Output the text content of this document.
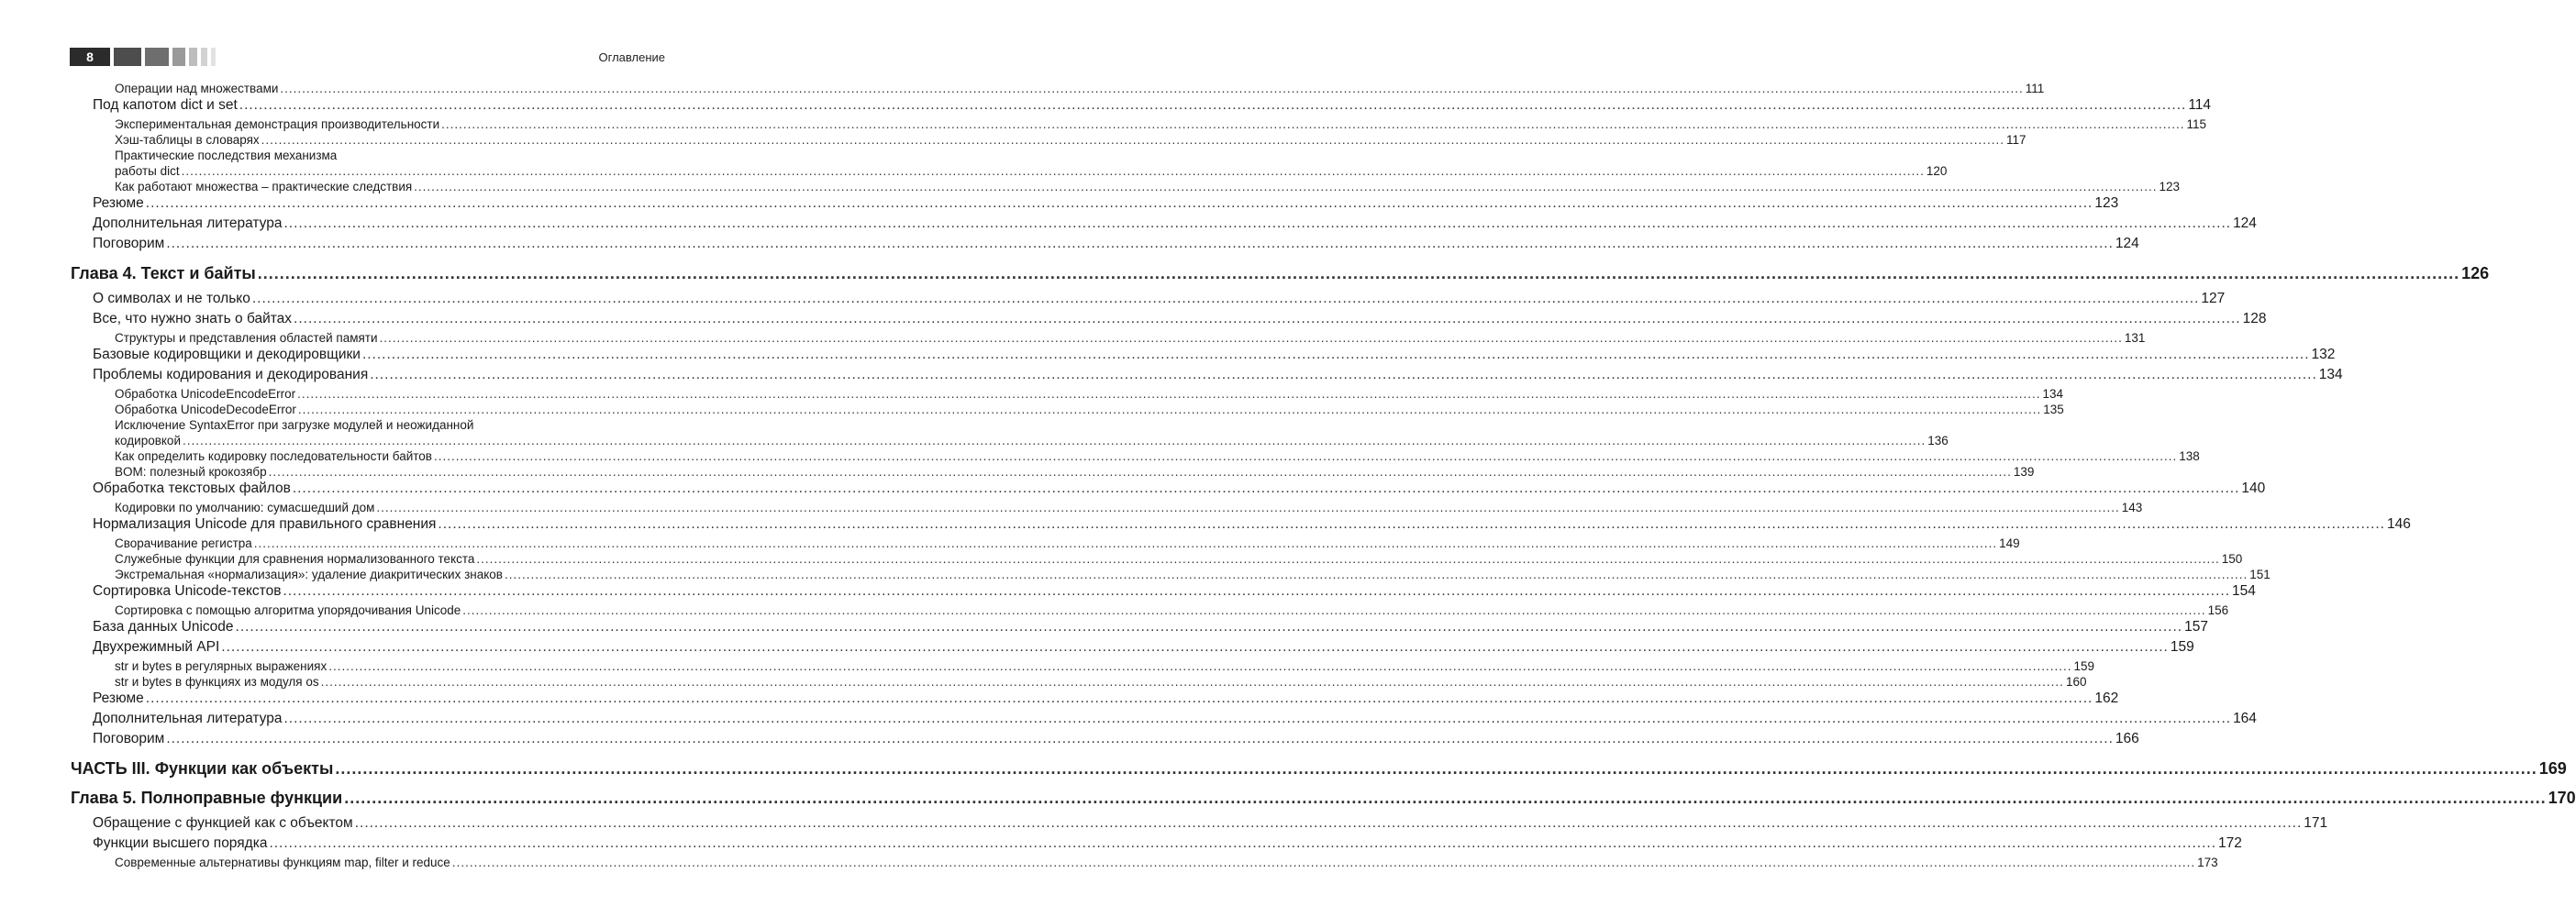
8	Оглавление
Операции над множествами ................................................................................................................................................................................................................................................................................................................................................................................................................ 111
Под капотом dict и set ................................................................................................................................................................................................................................................................................................................................................................................................................ 114
Экспериментальная демонстрация производительности ................................................................................................................................................................................................................................................................................................................................................................................................................ 115
Хэш-таблицы в словарях ................................................................................................................................................................................................................................................................................................................................................................................................................ 117
Практические последствия механизма
работы dict ................................................................................................................................................................................................................................................................................................................................................................................................................ 120
Как работают множества – практические следствия ................................................................................................................................................................................................................................................................................................................................................................................................................ 123
Резюме ................................................................................................................................................................................................................................................................................................................................................................................................................ 123
Дополнительная литература ................................................................................................................................................................................................................................................................................................................................................................................................................ 124
Поговорим ................................................................................................................................................................................................................................................................................................................................................................................................................ 124
Глава 4. Текст и байты ................................................................................................................................................................................................................................................................................................................................................................................................................ 126
О символах и не только ................................................................................................................................................................................................................................................................................................................................................................................................................ 127
Все, что нужно знать о байтах ................................................................................................................................................................................................................................................................................................................................................................................................................ 128
Структуры и представления областей памяти ................................................................................................................................................................................................................................................................................................................................................................................................................ 131
Базовые кодировщики и декодировщики ................................................................................................................................................................................................................................................................................................................................................................................................................ 132
Проблемы кодирования и декодирования ................................................................................................................................................................................................................................................................................................................................................................................................................ 134
Обработка UnicodeEncodeError ................................................................................................................................................................................................................................................................................................................................................................................................................ 134
Обработка UnicodeDecodeError ................................................................................................................................................................................................................................................................................................................................................................................................................ 135
Исключение SyntaxError при загрузке модулей и неожиданной
кодировкой ................................................................................................................................................................................................................................................................................................................................................................................................................ 136
Как определить кодировку последовательности байтов ................................................................................................................................................................................................................................................................................................................................................................................................................ 138
BOM: полезный крокозябр ................................................................................................................................................................................................................................................................................................................................................................................................................ 139
Обработка текстовых файлов ................................................................................................................................................................................................................................................................................................................................................................................................................ 140
Кодировки по умолчанию: сумасшедший дом ................................................................................................................................................................................................................................................................................................................................................................................................................ 143
Нормализация Unicode для правильного сравнения ................................................................................................................................................................................................................................................................................................................................................................................................................ 146
Сворачивание регистра ................................................................................................................................................................................................................................................................................................................................................................................................................ 149
Служебные функции для сравнения нормализованного текста ................................................................................................................................................................................................................................................................................................................................................................................................................ 150
Экстремальная «нормализация»: удаление диакритических знаков ................................................................................................................................................................................................................................................................................................................................................................................................................ 151
Сортировка Unicode-текстов ................................................................................................................................................................................................................................................................................................................................................................................................................ 154
Сортировка с помощью алгоритма упорядочивания Unicode ................................................................................................................................................................................................................................................................................................................................................................................................................ 156
База данных Unicode ................................................................................................................................................................................................................................................................................................................................................................................................................ 157
Двухрежимный API ................................................................................................................................................................................................................................................................................................................................................................................................................ 159
str и bytes в регулярных выражениях ................................................................................................................................................................................................................................................................................................................................................................................................................ 159
str и bytes в функциях из модуля os ................................................................................................................................................................................................................................................................................................................................................................................................................ 160
Резюме ................................................................................................................................................................................................................................................................................................................................................................................................................ 162
Дополнительная литература ................................................................................................................................................................................................................................................................................................................................................................................................................ 164
Поговорим ................................................................................................................................................................................................................................................................................................................................................................................................................ 166
ЧАСТЬ III. Функции как объекты ................................................................................................................................................................................................................................................................................................................................................................................................................ 169
Глава 5. Полноправные функции ................................................................................................................................................................................................................................................................................................................................................................................................................ 170
Обращение с функцией как с объектом ................................................................................................................................................................................................................................................................................................................................................................................................................ 171
Функции высшего порядка ................................................................................................................................................................................................................................................................................................................................................................................................................ 172
Современные альтернативы функциям map, filter и reduce ................................................................................................................................................................................................................................................................................................................................................................................................................ 173
